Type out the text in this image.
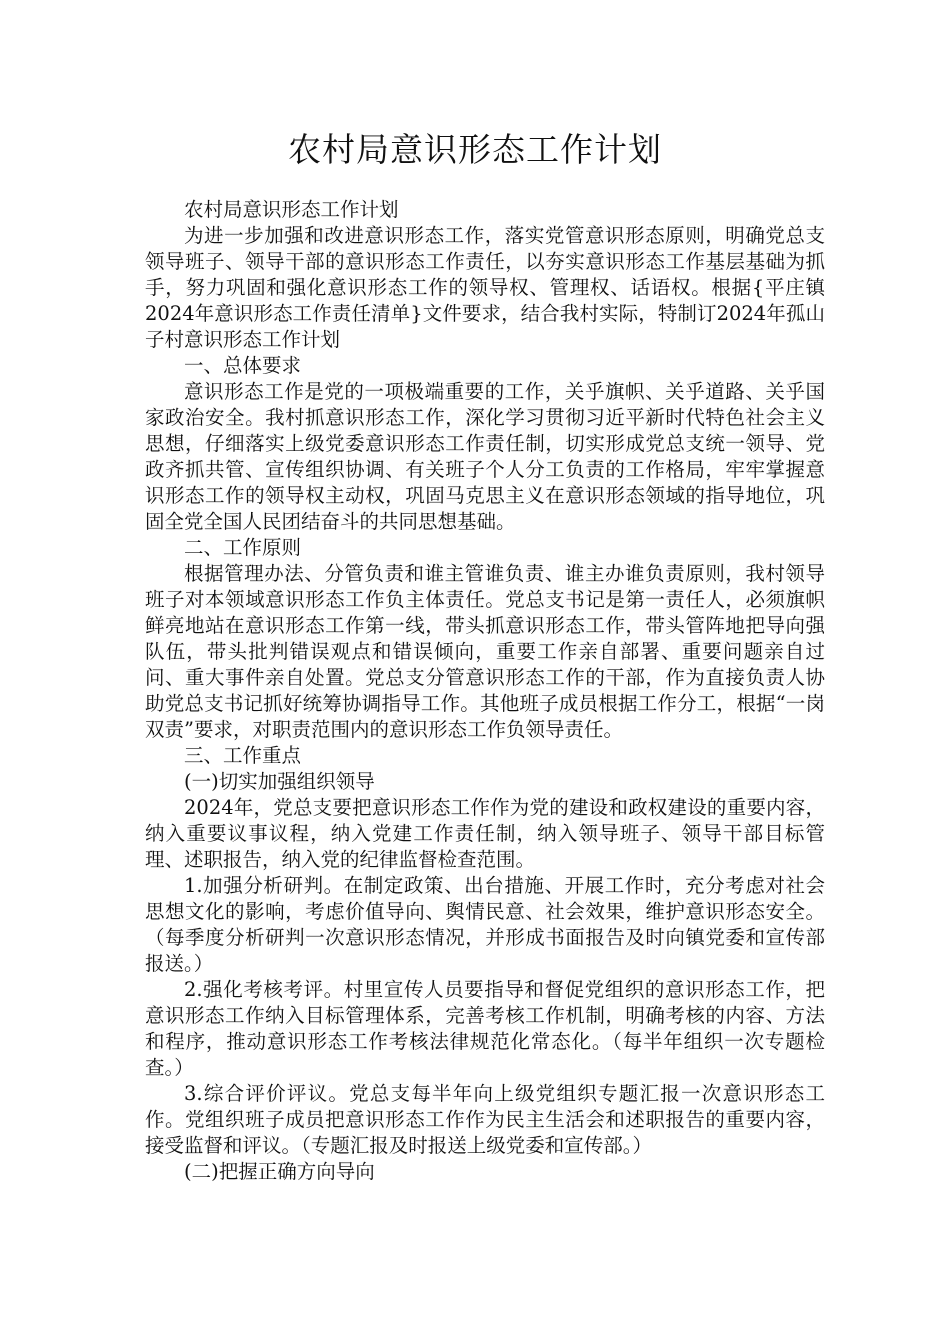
农村局意识形态工作计划

农村局意识形态工作计划

为进一步加强和改进意识形态工作，落实党管意识形态原则，明确党总支领导班子、领导干部的意识形态工作责任，以夯实意识形态工作基层基础为抓手，努力巩固和强化意识形态工作的领导权、管理权、话语权。根据{平庄镇2024年意识形态工作责任清单}文件要求，结合我村实际，特制订2024年孤山子村意识形态工作计划

一、总体要求

意识形态工作是党的一项极端重要的工作，关乎旗帜、关乎道路、关乎国家政治安全。我村抓意识形态工作，深化学习贯彻习近平新时代特色社会主义思想，仔细落实上级党委意识形态工作责任制，切实形成党总支统一领导、党政齐抓共管、宣传组织协调、有关班子个人分工负责的工作格局，牢牢掌握意识形态工作的领导权主动权，巩固马克思主义在意识形态领域的指导地位，巩固全党全国人民团结奋斗的共同思想基础。

二、工作原则

根据管理办法、分管负责和谁主管谁负责、谁主办谁负责原则，我村领导班子对本领域意识形态工作负主体责任。党总支书记是第一责任人，必须旗帜鲜亮地站在意识形态工作第一线，带头抓意识形态工作，带头管阵地把导向强队伍，带头批判错误观点和错误倾向，重要工作亲自部署、重要问题亲自过问、重大事件亲自处置。党总支分管意识形态工作的干部，作为直接负责人协助党总支书记抓好统筹协调指导工作。其他班子成员根据工作分工，根据“一岗双责”要求，对职责范围内的意识形态工作负领导责任。

三、工作重点

(一)切实加强组织领导

2024年，党总支要把意识形态工作作为党的建设和政权建设的重要内容，纳入重要议事议程，纳入党建工作责任制，纳入领导班子、领导干部目标管理、述职报告，纳入党的纪律监督检查范围。

1.加强分析研判。在制定政策、出台措施、开展工作时，充分考虑对社会思想文化的影响，考虑价值导向、舆情民意、社会效果，维护意识形态安全。（每季度分析研判一次意识形态情况，并形成书面报告及时向镇党委和宣传部报送。）

2.强化考核考评。村里宣传人员要指导和督促党组织的意识形态工作，把意识形态工作纳入目标管理体系，完善考核工作机制，明确考核的内容、方法和程序，推动意识形态工作考核法律规范化常态化。（每半年组织一次专题检查。）

3.综合评价评议。党总支每半年向上级党组织专题汇报一次意识形态工作。党组织班子成员把意识形态工作作为民主生活会和述职报告的重要内容，接受监督和评议。（专题汇报及时报送上级党委和宣传部。）

(二)把握正确方向导向
